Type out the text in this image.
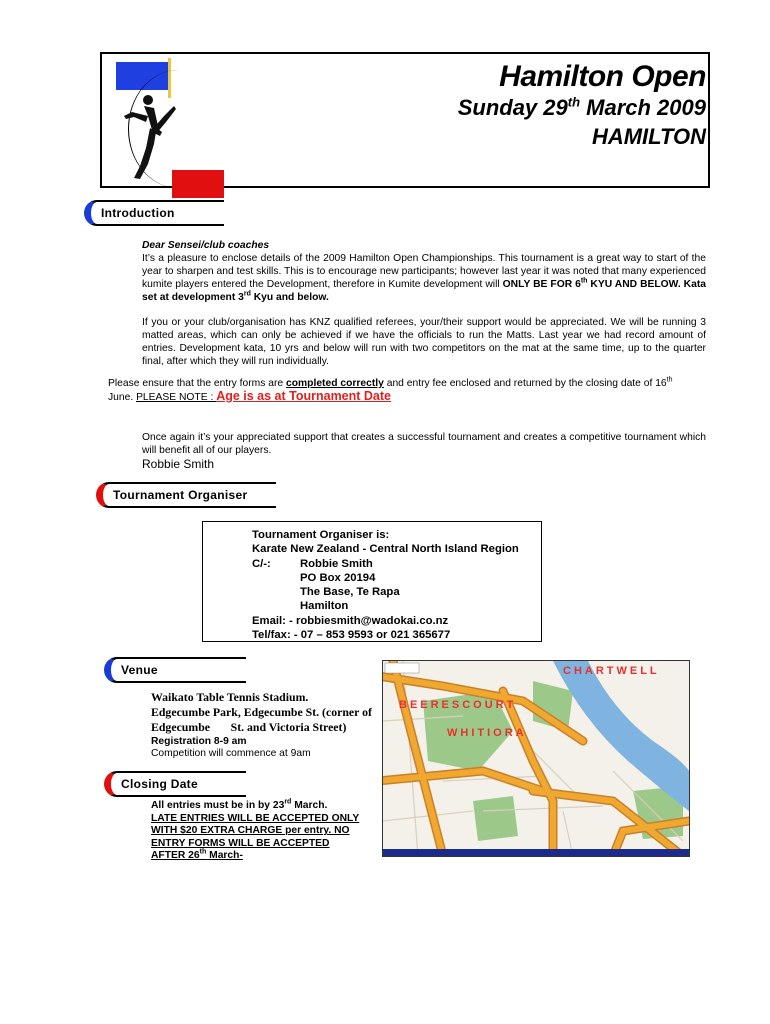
Hamilton Open
Sunday 29th March 2009
HAMILTON
Introduction
Dear Sensei/club coaches
It’s a pleasure to enclose details of the 2009 Hamilton Open Championships. This tournament is a great way to start of the year to sharpen and test skills. This is to encourage new participants; however last year it was noted that many experienced kumite players entered the Development, therefore in Kumite development will ONLY BE FOR 6th KYU AND BELOW. Kata set at development 3rd Kyu and below.
If you or your club/organisation has KNZ qualified referees, your/their support would be appreciated. We will be running 3 matted areas, which can only be achieved if we have the officials to run the Matts. Last year we had record amount of entries. Development kata, 10 yrs and below will run with two competitors on the mat at the same time, up to the quarter final, after which they will run individually.
Please ensure that the entry forms are completed correctly and entry fee enclosed and returned by the closing date of 16th
June. PLEASE NOTE : Age is as at Tournament Date
Once again it’s your appreciated support that creates a successful tournament and creates a competitive tournament which will benefit all of our players.
Robbie Smith
Tournament Organiser
Tournament Organiser is:
Karate New Zealand - Central North Island Region
C/-:	Robbie Smith
PO Box 20194
The Base, Te Rapa
Hamilton
Email: - robbiesmith@wadokai.co.nz
Tel/fax: - 07 – 853 9593 or 021 365677
Venue
Waikato Table Tennis Stadium.
Edgecumbe Park, Edgecumbe St. (corner of
Edgecumbe       St. and Victoria Street)
Registration 8-9 am
Competition will commence at 9am
CHARTWELL
BEERESCOURT
WHITIORA
Closing Date
All entries must be in by 23rd March.
LATE ENTRIES WILL BE ACCEPTED ONLY
WITH $20 EXTRA CHARGE per entry. NO
ENTRY FORMS WILL BE ACCEPTED
AFTER 26th March-
